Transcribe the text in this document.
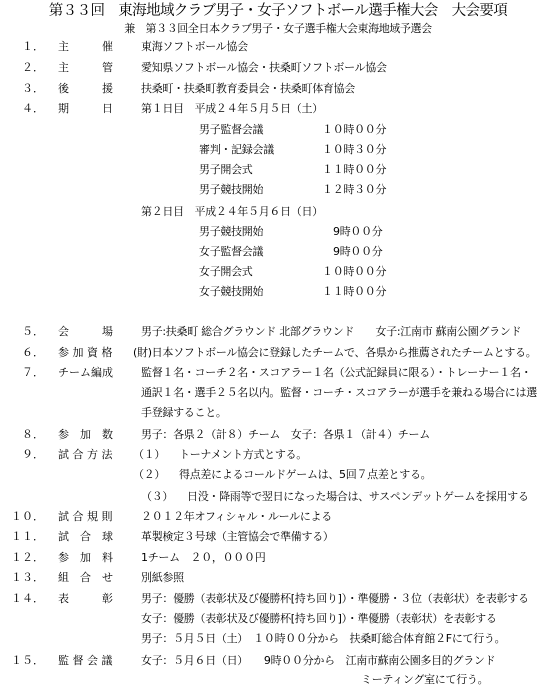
第３３回　東海地域クラブ男子・女子ソフトボール選手権大会　大会要項
兼　第３３回全日本クラブ男子・女子選手権大会東海地域予選会
１． 主　　　催	東海ソフトボール協会
２． 主　　　管	愛知県ソフトボール協会・扶桑町ソフトボール協会
３． 後　　　援	扶桑町・扶桑町教育委員会・扶桑町体育協会
４． 期　　　日	第１日目　平成２４年５月５日（土）
男子監督会議	１０時００分
審判・記録会議	１０時３０分
男子開会式	１１時００分
男子競技開始	１２時３０分
第２日目　平成２４年５月６日（日）
男子競技開始	9時００分
女子監督会議	9時００分
女子開会式	１０時００分
女子競技開始	１１時００分
５． 会　　　場	男子:扶桑町 総合グラウンド 北部グラウンド　　女子:江南市 蘇南公園グランド
６． 参 加 資 格 (財)日本ソフトボール協会に登録したチームで、各県から推薦されたチームとする。
７． チーム編成	監督１名・コーチ２名・スコアラー１名（公式記録員に限る）・トレーナー１名・
通訳１名・選手２５名以内。監督・コーチ・スコアラーが選手を兼ねる場合には選
手登録すること。
８． 参　加　数	男子：各県２（計８）チーム　女子：各県１（計４）チーム
９． 試 合 方 法 （１） トーナメント方式とする。
（２） 得点差によるコールドゲームは、5回７点差とする。
（３） 日没・降雨等で翌日になった場合は、サスペンデットゲームを採用する
１０． 試 合 規 則	２０１２年オフィシャル・ルールによる
１１． 試　合　球	革製検定３号球（主管協会で準備する）
１２． 参　加　料	1チーム　２０，０００円
１３． 組　合　せ	別紙参照
１４． 表　　　彰	男子：優勝（表彰状及び優勝杯[持ち回り]）・準優勝・３位（表彰状）を表彰する
女子：優勝（表彰状及び優勝杯[持ち回り]）・準優勝（表彰状）を表彰する
男子：５月５日（土）　１０時００分から　扶桑町総合体育館２Fにて行う。
１５． 監 督 会 議	女子：５月６日（日）　　9時００分から　江南市蘇南公園多目的グランド
ミーティング室にて行う。
